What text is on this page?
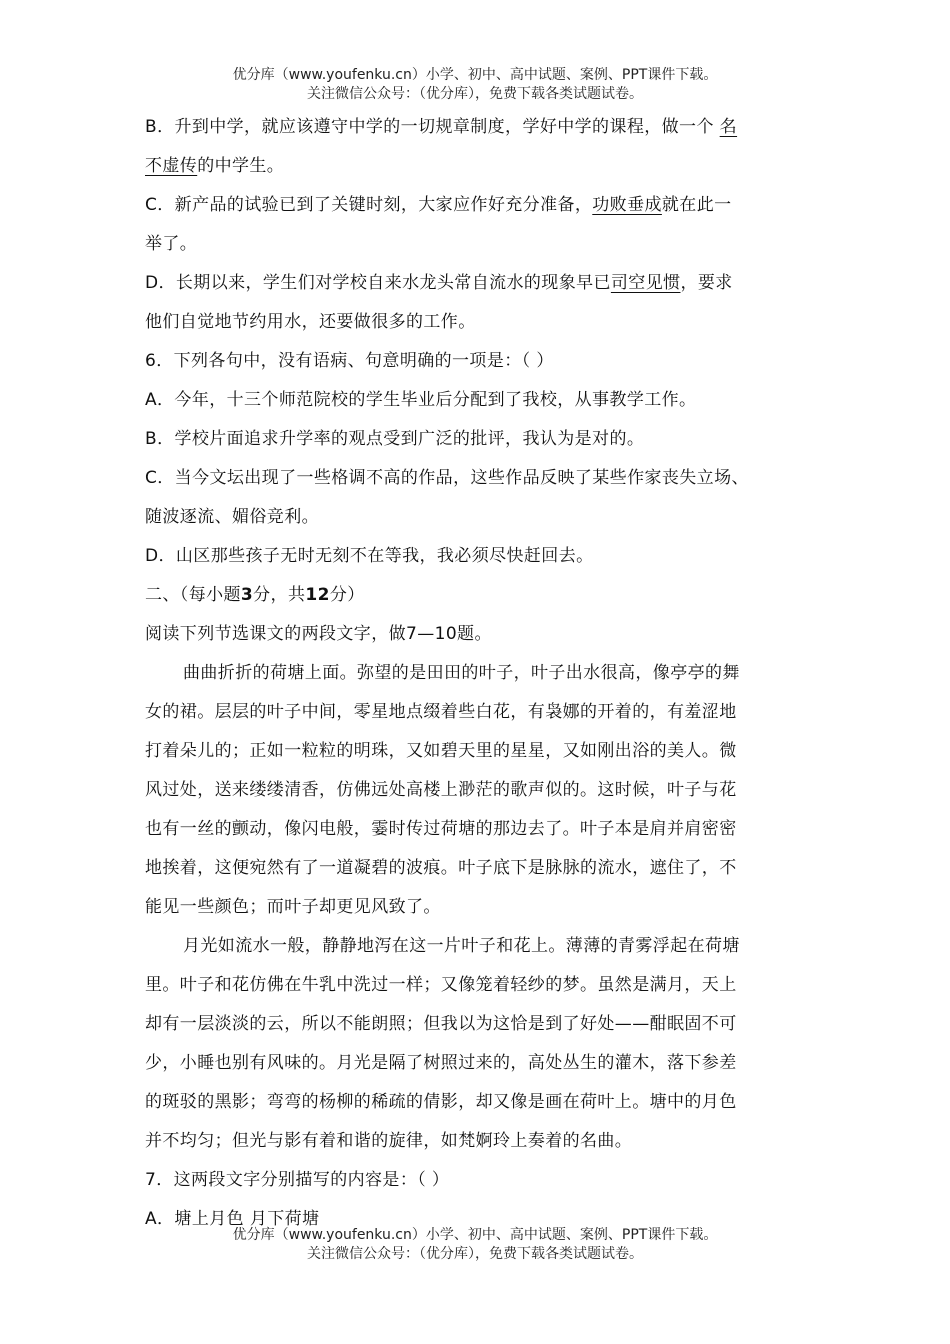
优分库（www.youfenku.cn）小学、初中、高中试题、案例、PPT课件下载。
关注微信公众号：（优分库），免费下载各类试题试卷。
B．升到中学，就应该遵守中学的一切规章制度，学好中学的课程，做一个 名
不虚传的中学生。
C．新产品的试验已到了关键时刻，大家应作好充分准备，功败垂成就在此一
举了。
D．长期以来，学生们对学校自来水龙头常自流水的现象早已司空见惯，要求
他们自觉地节约用水，还要做很多的工作。
6．下列各句中，没有语病、句意明确的一项是：（ ）
A．今年，十三个师范院校的学生毕业后分配到了我校，从事教学工作。
B．学校片面追求升学率的观点受到广泛的批评，我认为是对的。
C．当今文坛出现了一些格调不高的作品，这些作品反映了某些作家丧失立场、
随波逐流、媚俗竞利。
D．山区那些孩子无时无刻不在等我，我必须尽快赶回去。
二、（每小题3分，共12分）
阅读下列节选课文的两段文字，做7—10题。
曲曲折折的荷塘上面。弥望的是田田的叶子，叶子出水很高，像亭亭的舞
女的裙。层层的叶子中间，零星地点缀着些白花，有袅娜的开着的，有羞涩地
打着朵儿的；正如一粒粒的明珠，又如碧天里的星星，又如刚出浴的美人。微
风过处，送来缕缕清香，仿佛远处高楼上渺茫的歌声似的。这时候，叶子与花
也有一丝的颤动，像闪电般，霎时传过荷塘的那边去了。叶子本是肩并肩密密
地挨着，这便宛然有了一道凝碧的波痕。叶子底下是脉脉的流水，遮住了，不
能见一些颜色；而叶子却更见风致了。
月光如流水一般，静静地泻在这一片叶子和花上。薄薄的青雾浮起在荷塘
里。叶子和花仿佛在牛乳中洗过一样；又像笼着轻纱的梦。虽然是满月，天上
却有一层淡淡的云，所以不能朗照；但我以为这恰是到了好处——酣眠固不可
少，小睡也别有风味的。月光是隔了树照过来的，高处丛生的灌木，落下参差
的斑驳的黑影；弯弯的杨柳的稀疏的倩影，却又像是画在荷叶上。塘中的月色
并不均匀；但光与影有着和谐的旋律，如梵婀玲上奏着的名曲。
7．这两段文字分别描写的内容是：（ ）
A．塘上月色 月下荷塘
优分库（www.youfenku.cn）小学、初中、高中试题、案例、PPT课件下载。
关注微信公众号：（优分库），免费下载各类试题试卷。
